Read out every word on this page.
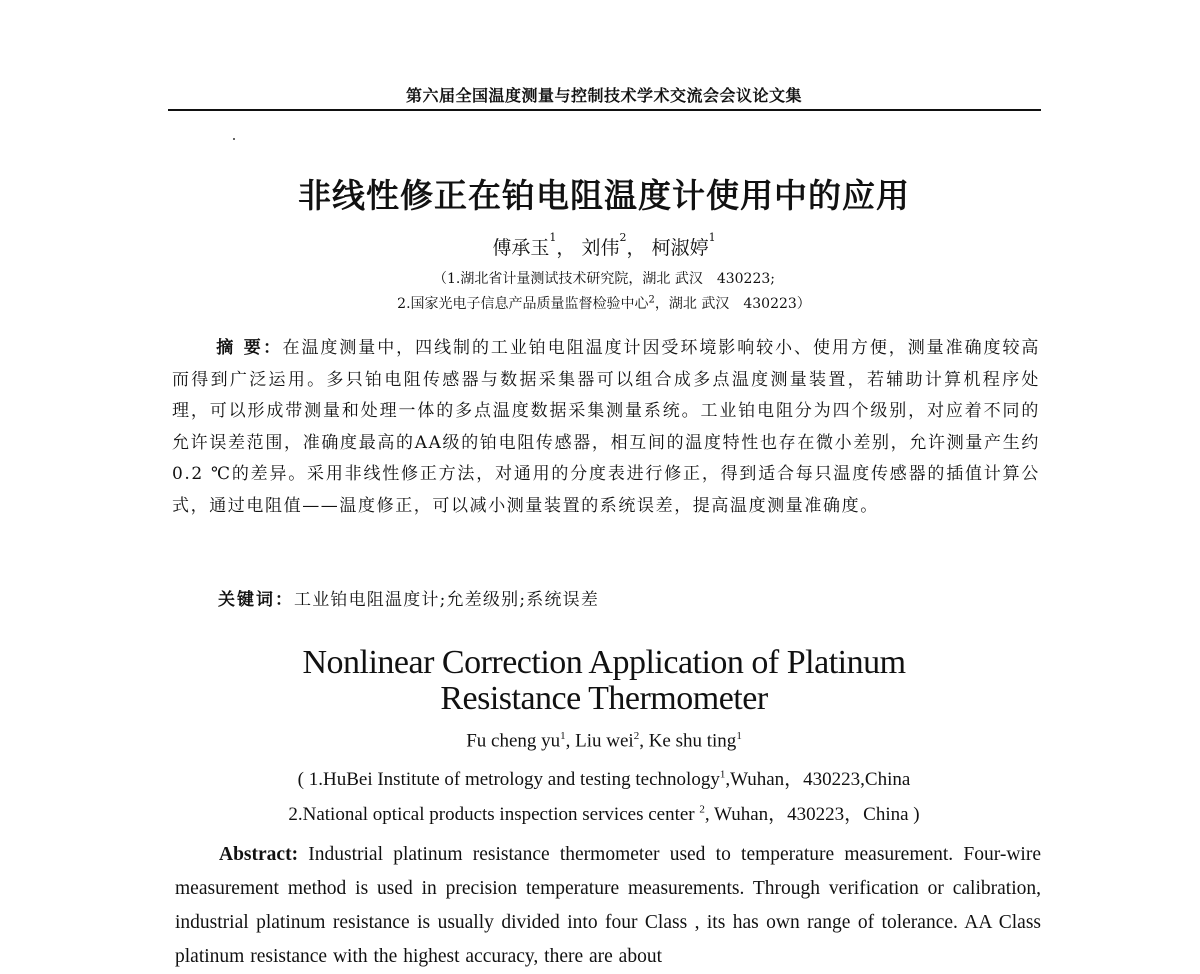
第六届全国温度测量与控制技术学术交流会会议论文集
非线性修正在铂电阻温度计使用中的应用
傅承玉$^1$， 刘伟$^2$， 柯淑婷$^1$
（1.湖北省计量测试技术研究院，湖北 武汉　430223;
2.国家光电子信息产品质量监督检验中心$^2$，湖北 武汉　430223）
摘 要：在温度测量中，四线制的工业铂电阻温度计因受环境影响较小、使用方便，测量准确度较高而得到广泛运用。多只铂电阻传感器与数据采集器可以组合成多点温度测量装置，若辅助计算机程序处理，可以形成带测量和处理一体的多点温度数据采集测量系统。工业铂电阻分为四个级别，对应着不同的允许误差范围，准确度最高的AA级的铂电阻传感器，相互间的温度特性也存在微小差别，允许测量产生约 0.2 ℃的差异。采用非线性修正方法，对通用的分度表进行修正，得到适合每只温度传感器的插值计算公式，通过电阻值——温度修正，可以减小测量装置的系统误差，提高温度测量准确度。
关键词：工业铂电阻温度计;允差级别;系统误差
Nonlinear Correction Application of Platinum
Resistance Thermometer
Fu cheng $yu^1$, Liu wei$^2$, Ke shu ting$^1$
( 1.HuBei Institute of metrology and testing technology$^1$,Wuhan，430223,China
2.National optical products inspection services center $^2$, Wuhan，430223，China )
Abstract: Industrial platinum resistance thermometer used to temperature measurement. Four-wire measurement method is used in precision temperature measurements. Through verification or calibration, industrial platinum resistance is usually divided into four Class , its has own range of tolerance. AA Class platinum resistance with the highest accuracy, there are about
